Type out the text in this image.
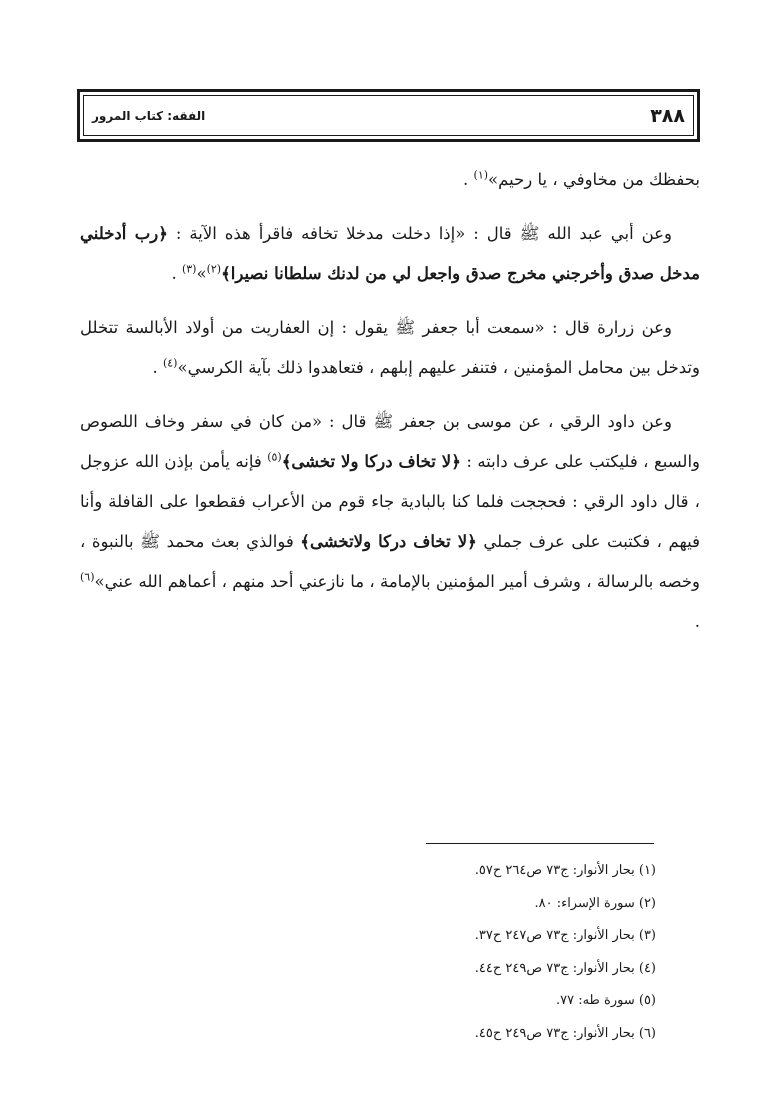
٣٨٨
الفقه: كتاب المرور

بحفظك من مخاوفي ، يا رحيم»$^{(١)}$ .

وعن أبي عبد الله ﷺ قال : «إذا دخلت مدخلا تخافه فاقرأ هذه الآية : ﴿رب أدخلني مدخل صدق وأخرجني مخرج صدق واجعل لي من لدنك سلطانا نصيرا﴾$^{(٢)}$»$^{(٣)}$ .

وعن زرارة قال : «سمعت أبا جعفر ﷺ يقول : إن العفاريت من أولاد الأبالسة تتخلل وتدخل بين محامل المؤمنين ، فتنفر عليهم إبلهم ، فتعاهدوا ذلك بآية الكرسي»$^{(٤)}$ .

وعن داود الرقي ، عن موسى بن جعفر ﷺ قال : «من كان في سفر وخاف اللصوص والسبع ، فليكتب على عرف دابته : ﴿لا تخاف دركا ولا تخشى﴾$^{(٥)}$ فإنه يأمن بإذن الله عزوجل ، قال داود الرقي : فحججت فلما كنا بالبادية جاء قوم من الأعراب فقطعوا على القافلة وأنا فيهم ، فكتبت على عرف جملي ﴿لا تخاف دركا ولاتخشى﴾ فوالذي بعث محمد ﷺ بالنبوة ، وخصه بالرسالة ، وشرف أمير المؤمنين بالإمامة ، ما نازعني أحد منهم ، أعماهم الله عني»$^{(٦)}$ .

(١) بحار الأنوار: ج٧٣ ص٢٦٤ ح٥٧.
(٢) سورة الإسراء: ٨٠.
(٣) بحار الأنوار: ج٧٣ ص٢٤٧ ح٣٧.
(٤) بحار الأنوار: ج٧٣ ص٢٤٩ ح٤٤.
(٥) سورة طه: ٧٧.
(٦) بحار الأنوار: ج٧٣ ص٢٤٩ ح٤٥.
